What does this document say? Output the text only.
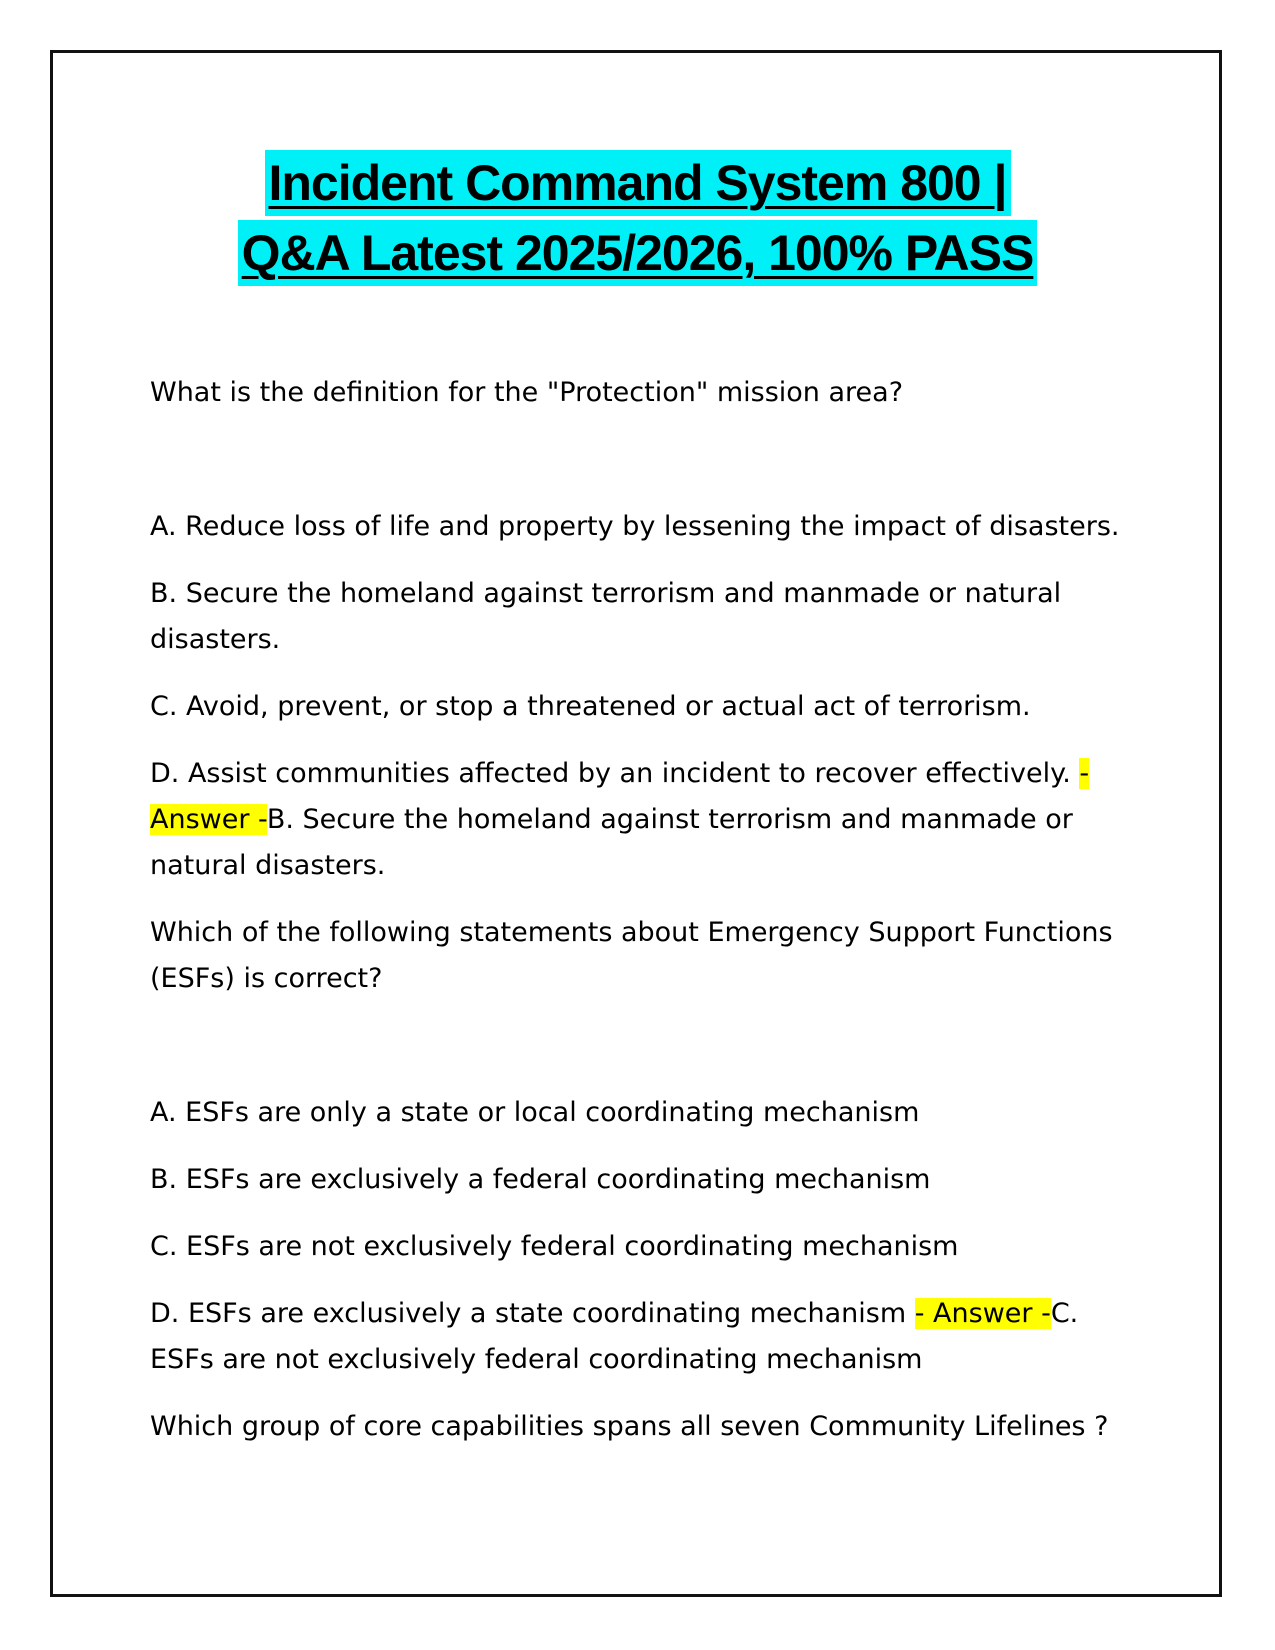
Incident Command System 800 |
Q&A Latest 2025/2026, 100% PASS

What is the definition for the "Protection" mission area?

A. Reduce loss of life and property by lessening the impact of disasters.

B. Secure the homeland against terrorism and manmade or natural disasters.

C. Avoid, prevent, or stop a threatened or actual act of terrorism.

D. Assist communities affected by an incident to recover effectively. - Answer -B. Secure the homeland against terrorism and manmade or natural disasters.

Which of the following statements about Emergency Support Functions (ESFs) is correct?

A. ESFs are only a state or local coordinating mechanism

B. ESFs are exclusively a federal coordinating mechanism

C. ESFs are not exclusively federal coordinating mechanism

D. ESFs are exclusively a state coordinating mechanism - Answer -C. ESFs are not exclusively federal coordinating mechanism

Which group of core capabilities spans all seven Community Lifelines ?
